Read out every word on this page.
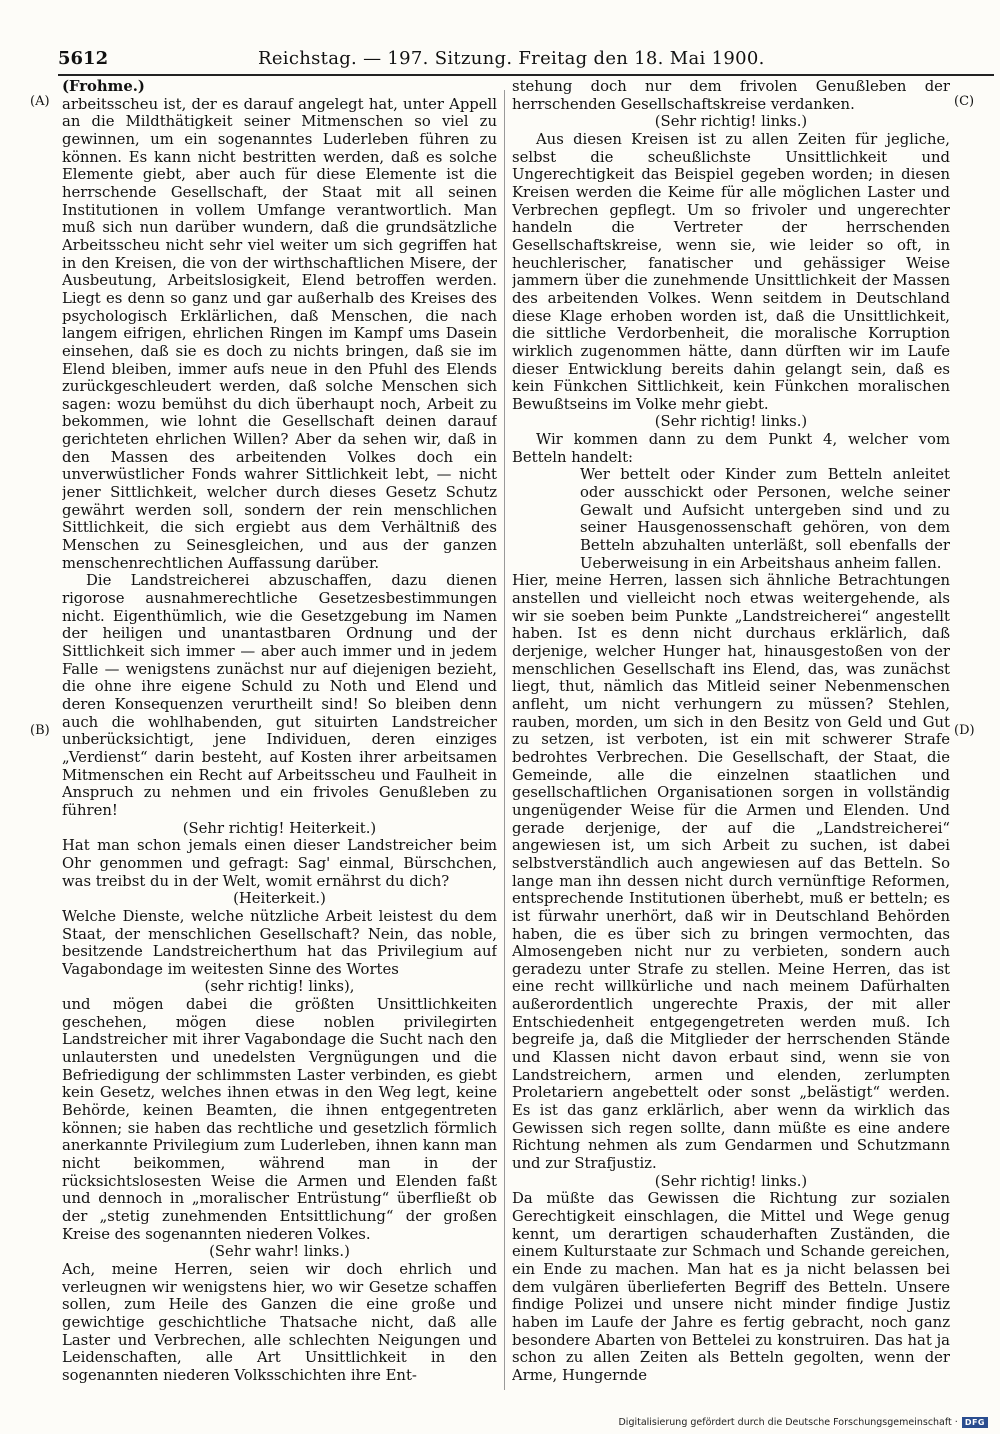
5612	Reichstag. — 197. Sitzung. Freitag den 18. Mai 1900.
(A)
(B)
(C)
(D)

(Frohme.)

arbeitsscheu ist, der es darauf angelegt hat, unter Appell an die Mildthätigkeit seiner Mitmenschen so viel zu gewinnen, um ein sogenanntes Luderleben führen zu können. Es kann nicht bestritten werden, daß es solche Elemente giebt, aber auch für diese Elemente ist die herrschende Gesellschaft, der Staat mit all seinen Institutionen in vollem Umfange verantwortlich. Man muß sich nun darüber wundern, daß die grundsätzliche Arbeitsscheu nicht sehr viel weiter um sich gegriffen hat in den Kreisen, die von der wirthschaftlichen Misere, der Ausbeutung, Arbeitslosigkeit, Elend betroffen werden. Liegt es denn so ganz und gar außerhalb des Kreises des psychologisch Erklärlichen, daß Menschen, die nach langem eifrigen, ehrlichen Ringen im Kampf ums Dasein einsehen, daß sie es doch zu nichts bringen, daß sie im Elend bleiben, immer aufs neue in den Pfuhl des Elends zurückgeschleudert werden, daß solche Menschen sich sagen: wozu bemühst du dich überhaupt noch, Arbeit zu bekommen, wie lohnt die Gesellschaft deinen darauf gerichteten ehrlichen Willen? Aber da sehen wir, daß in den Massen des arbeitenden Volkes doch ein unverwüstlicher Fonds wahrer Sittlichkeit lebt, — nicht jener Sittlichkeit, welcher durch dieses Gesetz Schutz gewährt werden soll, sondern der rein menschlichen Sittlichkeit, die sich ergiebt aus dem Verhältniß des Menschen zu Seinesgleichen, und aus der ganzen menschenrechtlichen Auffassung darüber.

Die Landstreicherei abzuschaffen, dazu dienen rigorose ausnahmerechtliche Gesetzesbestimmungen nicht. Eigenthümlich, wie die Gesetzgebung im Namen der heiligen und unantastbaren Ordnung und der Sittlichkeit sich immer — aber auch immer und in jedem Falle — wenigstens zunächst nur auf diejenigen bezieht, die ohne ihre eigene Schuld zu Noth und Elend und deren Konsequenzen verurtheilt sind! So bleiben denn auch die wohlhabenden, gut situirten Landstreicher unberücksichtigt, jene Individuen, deren einziges „Verdienst“ darin besteht, auf Kosten ihrer arbeitsamen Mitmenschen ein Recht auf Arbeitsscheu und Faulheit in Anspruch zu nehmen und ein frivoles Genußleben zu führen!

(Sehr richtig! Heiterkeit.)

Hat man schon jemals einen dieser Landstreicher beim Ohr genommen und gefragt: Sag' einmal, Bürschchen, was treibst du in der Welt, womit ernährst du dich?

(Heiterkeit.)

Welche Dienste, welche nützliche Arbeit leistest du dem Staat, der menschlichen Gesellschaft? Nein, das noble, besitzende Landstreicherthum hat das Privilegium auf Vagabondage im weitesten Sinne des Wortes

(sehr richtig! links),

und mögen dabei die größten Unsittlichkeiten geschehen, mögen diese noblen privilegirten Landstreicher mit ihrer Vagabondage die Sucht nach den unlautersten und unedelsten Vergnügungen und die Befriedigung der schlimmsten Laster verbinden, es giebt kein Gesetz, welches ihnen etwas in den Weg legt, keine Behörde, keinen Beamten, die ihnen entgegentreten können; sie haben das rechtliche und gesetzlich förmlich anerkannte Privilegium zum Luderleben, ihnen kann man nicht beikommen, während man in der rücksichtslosesten Weise die Armen und Elenden faßt und dennoch in „moralischer Entrüstung“ überfließt ob der „stetig zunehmenden Entsittlichung“ der großen Kreise des sogenannten niederen Volkes.

(Sehr wahr! links.)

Ach, meine Herren, seien wir doch ehrlich und verleugnen wir wenigstens hier, wo wir Gesetze schaffen sollen, zum Heile des Ganzen die eine große und gewichtige geschichtliche Thatsache nicht, daß alle Laster und Verbrechen, alle schlechten Neigungen und Leidenschaften, alle Art Unsittlichkeit in den sogenannten niederen Volksschichten ihre Ent-

stehung doch nur dem frivolen Genußleben der herrschenden Gesellschaftskreise verdanken.

(Sehr richtig! links.)

Aus diesen Kreisen ist zu allen Zeiten für jegliche, selbst die scheußlichste Unsittlichkeit und Ungerechtigkeit das Beispiel gegeben worden; in diesen Kreisen werden die Keime für alle möglichen Laster und Verbrechen gepflegt. Um so frivoler und ungerechter handeln die Vertreter der herrschenden Gesellschaftskreise, wenn sie, wie leider so oft, in heuchlerischer, fanatischer und gehässiger Weise jammern über die zunehmende Unsittlichkeit der Massen des arbeitenden Volkes. Wenn seitdem in Deutschland diese Klage erhoben worden ist, daß die Unsittlichkeit, die sittliche Verdorbenheit, die moralische Korruption wirklich zugenommen hätte, dann dürften wir im Laufe dieser Entwicklung bereits dahin gelangt sein, daß es kein Fünkchen Sittlichkeit, kein Fünkchen moralischen Bewußtseins im Volke mehr giebt.

(Sehr richtig! links.)

Wir kommen dann zu dem Punkt 4, welcher vom Betteln handelt:

Wer bettelt oder Kinder zum Betteln anleitet oder ausschickt oder Personen, welche seiner Gewalt und Aufsicht untergeben sind und zu seiner Hausgenossenschaft gehören, von dem Betteln abzuhalten unterläßt, soll ebenfalls der Ueberweisung in ein Arbeitshaus anheim fallen.

Hier, meine Herren, lassen sich ähnliche Betrachtungen anstellen und vielleicht noch etwas weitergehende, als wir sie soeben beim Punkte „Landstreicherei“ angestellt haben. Ist es denn nicht durchaus erklärlich, daß derjenige, welcher Hunger hat, hinausgestoßen von der menschlichen Gesellschaft ins Elend, das, was zunächst liegt, thut, nämlich das Mitleid seiner Nebenmenschen anfleht, um nicht verhungern zu müssen? Stehlen, rauben, morden, um sich in den Besitz von Geld und Gut zu setzen, ist verboten, ist ein mit schwerer Strafe bedrohtes Verbrechen. Die Gesellschaft, der Staat, die Gemeinde, alle die einzelnen staatlichen und gesellschaftlichen Organisationen sorgen in vollständig ungenügender Weise für die Armen und Elenden. Und gerade derjenige, der auf die „Landstreicherei“ angewiesen ist, um sich Arbeit zu suchen, ist dabei selbstverständlich auch angewiesen auf das Betteln. So lange man ihn dessen nicht durch vernünftige Reformen, entsprechende Institutionen überhebt, muß er betteln; es ist fürwahr unerhört, daß wir in Deutschland Behörden haben, die es über sich zu bringen vermochten, das Almosengeben nicht nur zu verbieten, sondern auch geradezu unter Strafe zu stellen. Meine Herren, das ist eine recht willkürliche und nach meinem Dafürhalten außerordentlich ungerechte Praxis, der mit aller Entschiedenheit entgegengetreten werden muß. Ich begreife ja, daß die Mitglieder der herrschenden Stände und Klassen nicht davon erbaut sind, wenn sie von Landstreichern, armen und elenden, zerlumpten Proletariern angebettelt oder sonst „belästigt“ werden. Es ist das ganz erklärlich, aber wenn da wirklich das Gewissen sich regen sollte, dann müßte es eine andere Richtung nehmen als zum Gendarmen und Schutzmann und zur Strafjustiz.

(Sehr richtig! links.)

Da müßte das Gewissen die Richtung zur sozialen Gerechtigkeit einschlagen, die Mittel und Wege genug kennt, um derartigen schauderhaften Zuständen, die einem Kulturstaate zur Schmach und Schande gereichen, ein Ende zu machen. Man hat es ja nicht belassen bei dem vulgären überlieferten Begriff des Betteln. Unsere findige Polizei und unsere nicht minder findige Justiz haben im Laufe der Jahre es fertig gebracht, noch ganz besondere Abarten von Bettelei zu konstruiren. Das hat ja schon zu allen Zeiten als Betteln gegolten, wenn der Arme, Hungernde

Digitalisierung gefördert durch die Deutsche Forschungsgemeinschaft · DFG
